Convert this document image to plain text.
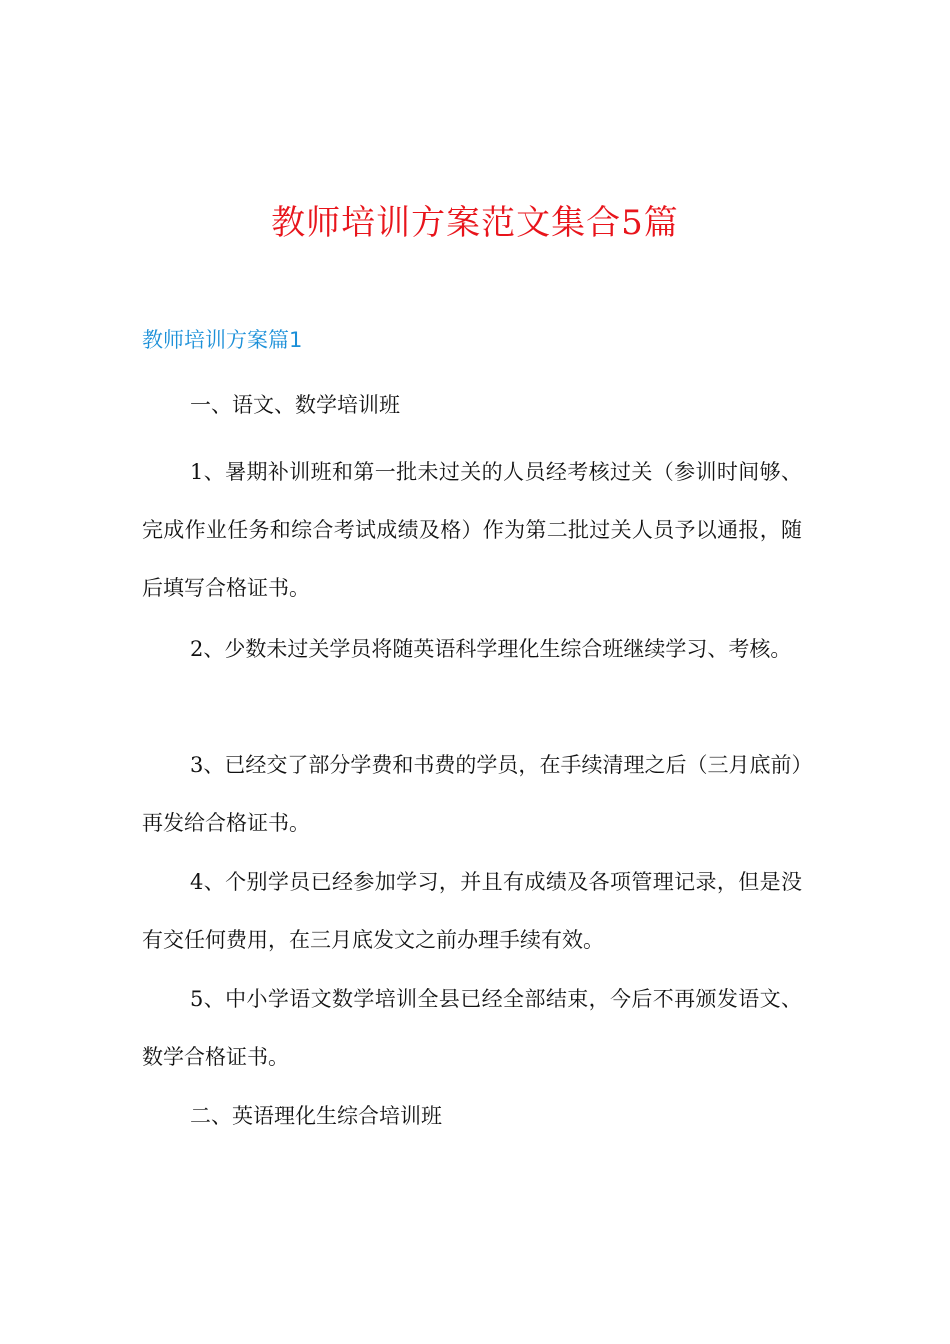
教师培训方案范文集合5篇
教师培训方案篇1

一、语文、数学培训班

1、暑期补训班和第一批未过关的人员经考核过关（参训时间够、完成作业任务和综合考试成绩及格）作为第二批过关人员予以通报，随后填写合格证书。

2、少数未过关学员将随英语科学理化生综合班继续学习、考核。

3、已经交了部分学费和书费的学员，在手续清理之后（三月底前）再发给合格证书。

4、个别学员已经参加学习，并且有成绩及各项管理记录，但是没有交任何费用，在三月底发文之前办理手续有效。

5、中小学语文数学培训全县已经全部结束，今后不再颁发语文、数学合格证书。

二、英语理化生综合培训班
